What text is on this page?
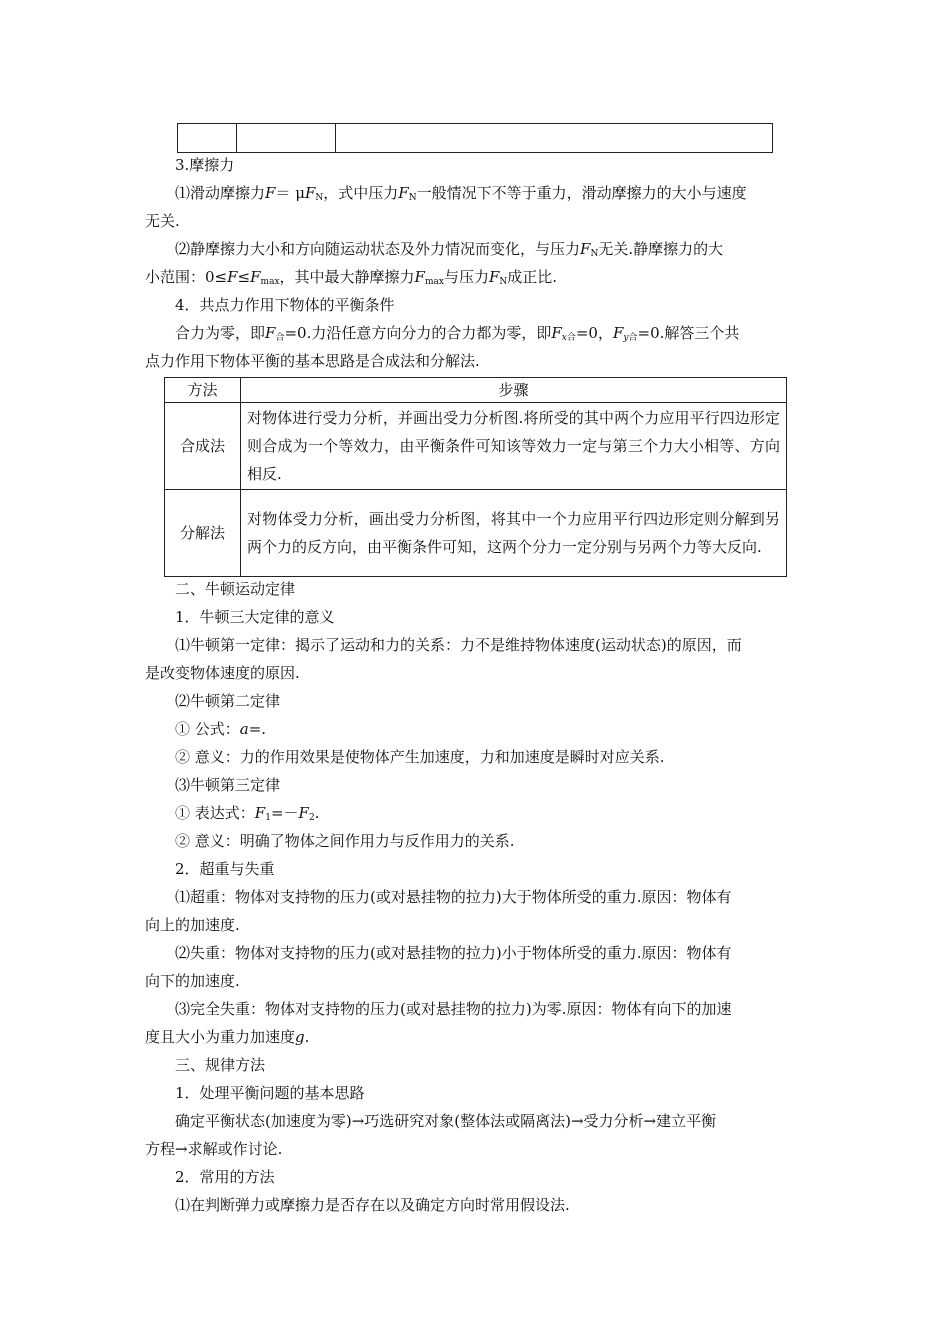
3.摩擦力

⑴滑动摩擦力$F= \mu F_N$，式中压力$F_N$一般情况下不等于重力，滑动摩擦力的大小与速度

无关.

⑵静摩擦力大小和方向随运动状态及外力情况而变化，与压力$F_N$无关.静摩擦力的大

小范围：$0\le F\le F_{max}$，其中最大静摩擦力$F_{max}$与压力$F_N$成正比.

4．共点力作用下物体的平衡条件

合力为零，即$F_合=0$.力沿任意方向分力的合力都为零，即$F_{x合}=0$，$F_{y合}=0$.解答三个共

点力作用下物体平衡的基本思路是合成法和分解法.

方法	步骤
合成法	对物体进行受力分析，并画出受力分析图.将所受的其中两个力应用平行四边形定则合成为一个等效力，由平衡条件可知该等效力一定与第三个力大小相等、方向相反.
分解法	对物体受力分析，画出受力分析图，将其中一个力应用平行四边形定则分解到另两个力的反方向，由平衡条件可知，这两个分力一定分别与另两个力等大反向.

二、牛顿运动定律

1．牛顿三大定律的意义

⑴牛顿第一定律：揭示了运动和力的关系：力不是维持物体速度(运动状态)的原因，而

是改变物体速度的原因.

⑵牛顿第二定律

① 公式：a=.

② 意义：力的作用效果是使物体产生加速度，力和加速度是瞬时对应关系.

⑶牛顿第三定律

① 表达式：$F_1=-F_2$.

② 意义：明确了物体之间作用力与反作用力的关系.

2．超重与失重

⑴超重：物体对支持物的压力(或对悬挂物的拉力)大于物体所受的重力.原因：物体有

向上的加速度.

⑵失重：物体对支持物的压力(或对悬挂物的拉力)小于物体所受的重力.原因：物体有

向下的加速度.

⑶完全失重：物体对支持物的压力(或对悬挂物的拉力)为零.原因：物体有向下的加速

度且大小为重力加速度g.

三、规律方法

1．处理平衡问题的基本思路

确定平衡状态(加速度为零)→巧选研究对象(整体法或隔离法)→受力分析→建立平衡

方程→求解或作讨论.

2．常用的方法

⑴在判断弹力或摩擦力是否存在以及确定方向时常用假设法.
